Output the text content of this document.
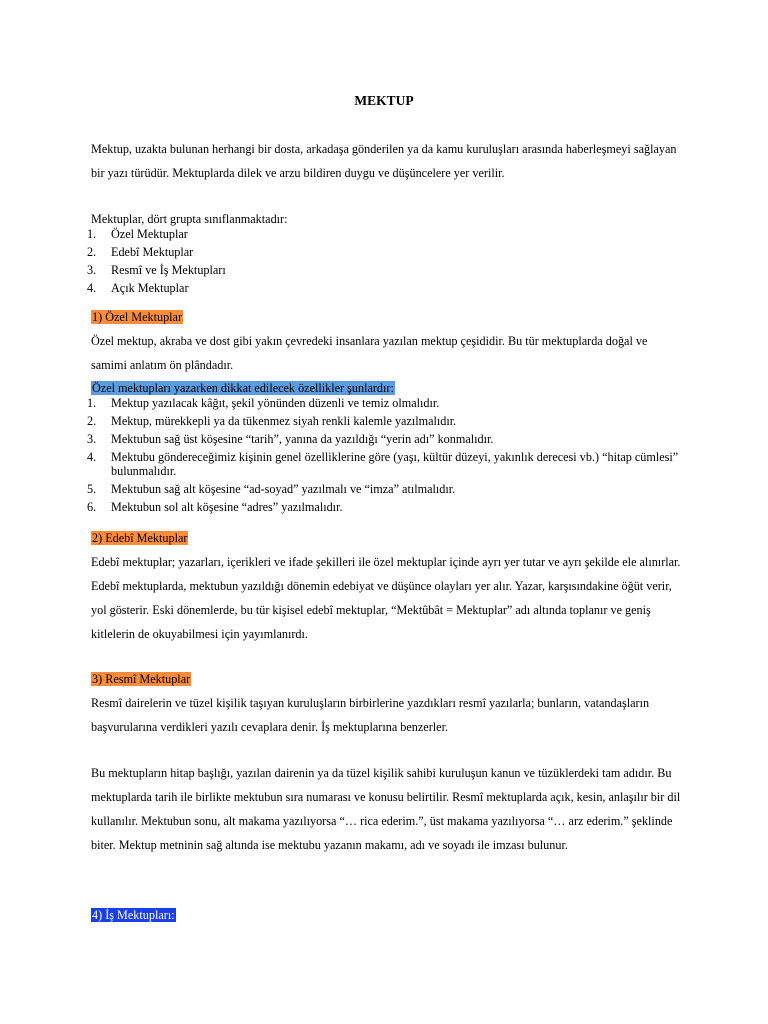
MEKTUP

Mektup, uzakta bulunan herhangi bir dosta, arkadaşa gönderilen ya da kamu kuruluşları arasında haberleşmeyi sağlayan bir yazı türüdür. Mektuplarda dilek ve arzu bildiren duygu ve düşüncelere yer verilir.

Mektuplar, dört grupta sınıflanmaktadır:
1. Özel Mektuplar
2. Edebî Mektuplar
3. Resmî ve İş Mektupları
4. Açık Mektuplar
1) Özel Mektuplar

Özel mektup, akraba ve dost gibi yakın çevredeki insanlara yazılan mektup çeşididir. Bu tür mektuplarda doğal ve samimi anlatım ön plândadır.

Özel mektupları yazarken dikkat edilecek özellikler şunlardır:
1. Mektup yazılacak kâğıt, şekil yönünden düzenli ve temiz olmalıdır.
2. Mektup, mürekkepli ya da tükenmez siyah renkli kalemle yazılmalıdır.
3. Mektubun sağ üst köşesine “tarih”, yanına da yazıldığı “yerin adı” konmalıdır.
4. Mektubu göndereceğimiz kişinin genel özelliklerine göre (yaşı, kültür düzeyi, yakınlık derecesi vb.) “hitap cümlesi” bulunmalıdır.
5. Mektubun sağ alt köşesine “ad-soyad” yazılmalı ve “imza” atılmalıdır.
6. Mektubun sol alt köşesine “adres” yazılmalıdır.
2) Edebî Mektuplar

Edebî mektuplar; yazarları, içerikleri ve ifade şekilleri ile özel mektuplar içinde ayrı yer tutar ve ayrı şekilde ele alınırlar. Edebî mektuplarda, mektubun yazıldığı dönemin edebiyat ve düşünce olayları yer alır. Yazar, karşısındakine öğüt verir, yol gösterir. Eski dönemlerde, bu tür kişisel edebî mektuplar, “Mektûbât = Mektuplar” adı altında toplanır ve geniş kitlelerin de okuyabilmesi için yayımlanırdı.

3) Resmî Mektuplar

Resmî dairelerin ve tüzel kişilik taşıyan kuruluşların birbirlerine yazdıkları resmî yazılarla; bunların, vatandaşların başvurularına verdikleri yazılı cevaplara denir. İş mektuplarına benzerler.

Bu mektupların hitap başlığı, yazılan dairenin ya da tüzel kişilik sahibi kuruluşun kanun ve tüzüklerdeki tam adıdır. Bu mektuplarda tarih ile birlikte mektubun sıra numarası ve konusu belirtilir. Resmî mektuplarda açık, kesin, anlaşılır bir dil kullanılır. Mektubun sonu, alt makama yazılıyorsa “… rica ederim.”, üst makama yazılıyorsa “… arz ederim.” şeklinde biter. Mektup metninin sağ altında ise mektubu yazanın makamı, adı ve soyadı ile imzası bulunur.

4) İş Mektupları:
